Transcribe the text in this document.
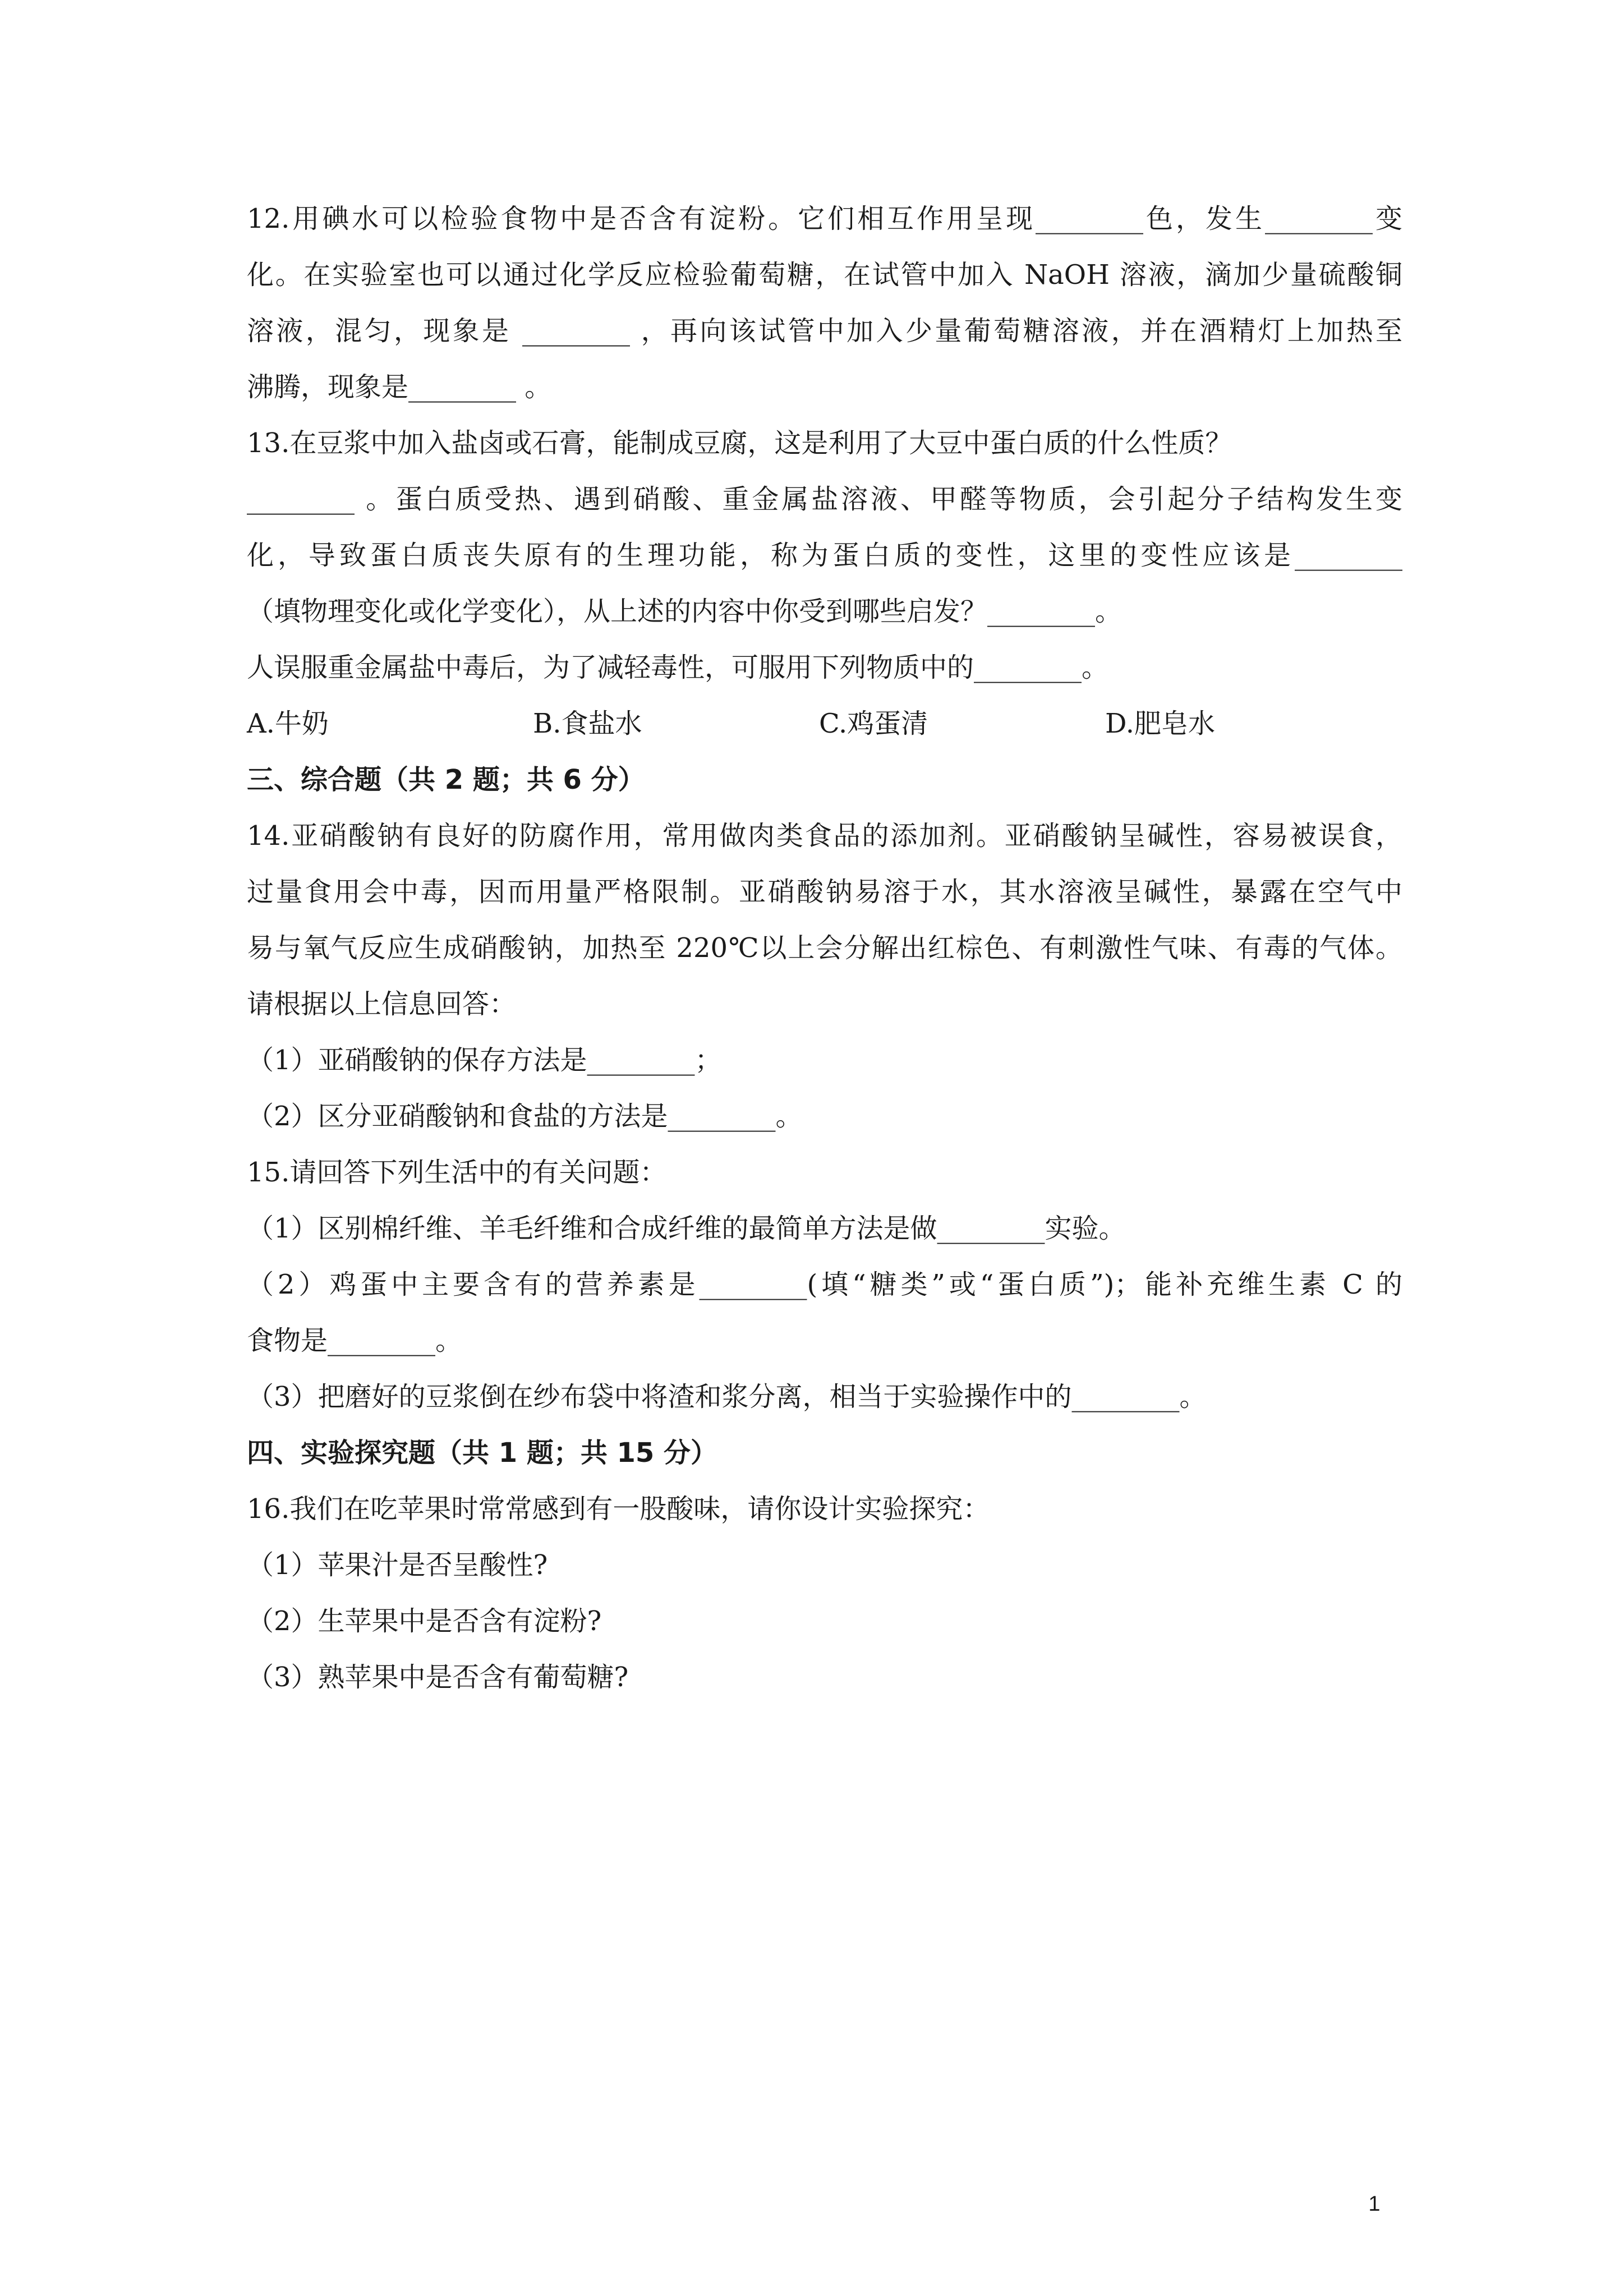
12.用碘水可以检验食物中是否含有淀粉。它们相互作用呈现________色，发生________变
化。在实验室也可以通过化学反应检验葡萄糖，在试管中加入 NaOH 溶液，滴加少量硫酸铜
溶液，混匀，现象是 ________ ，再向该试管中加入少量葡萄糖溶液，并在酒精灯上加热至
沸腾，现象是________ 。
13.在豆浆中加入盐卤或石膏，能制成豆腐，这是利用了大豆中蛋白质的什么性质？
________ 。蛋白质受热、遇到硝酸、重金属盐溶液、甲醛等物质，会引起分子结构发生变
化，导致蛋白质丧失原有的生理功能，称为蛋白质的变性，这里的变性应该是________
（填物理变化或化学变化），从上述的内容中你受到哪些启发？________。
人误服重金属盐中毒后，为了减轻毒性，可服用下列物质中的________。
A.牛奶	B.食盐水	C.鸡蛋清	D.肥皂水
三、综合题（共 2 题；共 6 分）
14.亚硝酸钠有良好的防腐作用，常用做肉类食品的添加剂。亚硝酸钠呈碱性，容易被误食，
过量食用会中毒，因而用量严格限制。亚硝酸钠易溶于水，其水溶液呈碱性，暴露在空气中
易与氧气反应生成硝酸钠，加热至 220℃以上会分解出红棕色、有刺激性气味、有毒的气体。
请根据以上信息回答：
（1）亚硝酸钠的保存方法是________；
（2）区分亚硝酸钠和食盐的方法是________。
15.请回答下列生活中的有关问题：
（1）区别棉纤维、羊毛纤维和合成纤维的最简单方法是做________实验。
（2）鸡蛋中主要含有的营养素是________(填“糖类”或“蛋白质”)；能补充维生素 C 的
食物是________。
（3）把磨好的豆浆倒在纱布袋中将渣和浆分离，相当于实验操作中的________。
四、实验探究题（共 1 题；共 15 分）
16.我们在吃苹果时常常感到有一股酸味，请你设计实验探究：
（1）苹果汁是否呈酸性?
（2）生苹果中是否含有淀粉?
（3）熟苹果中是否含有葡萄糖?
1
